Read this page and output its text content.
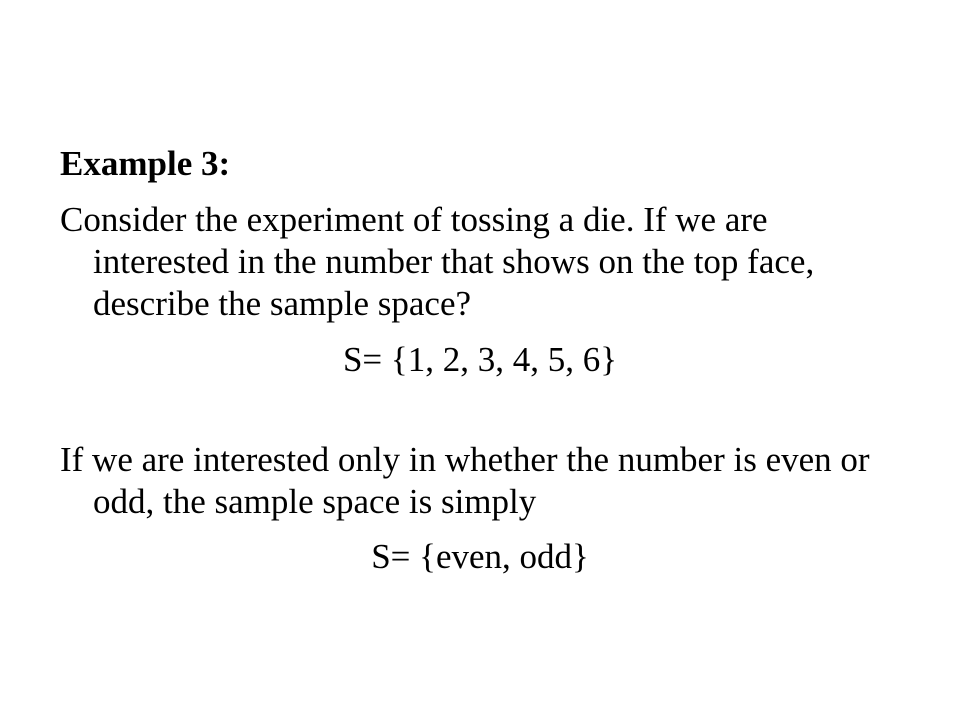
Example 3:

Consider the experiment of tossing a die. If we are interested in the number that shows on the top face, describe the sample space?

S= {1, 2, 3, 4, 5, 6}

If we are interested only in whether the number is even or odd, the sample space is simply

S= {even, odd}
